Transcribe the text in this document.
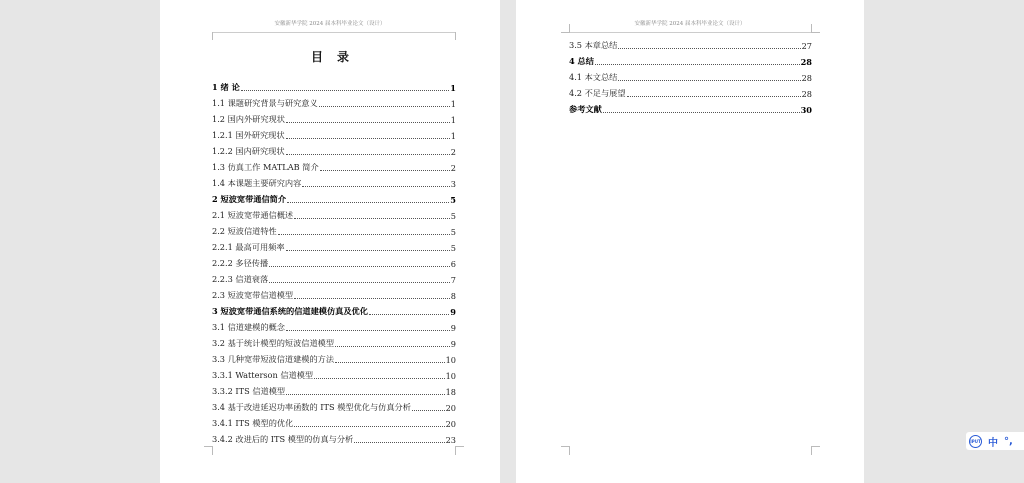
安徽新华学院 2024 届本科毕业论文（设计）
目录
1 绪 论	1
1.1 课题研究背景与研究意义	1
1.2 国内外研究现状	1
1.2.1 国外研究现状	1
1.2.2 国内研究现状	2
1.3 仿真工作 MATLAB 简介	2
1.4 本课题主要研究内容	3
2 短波宽带通信简介	5
2.1 短波宽带通信概述	5
2.2 短波信道特性	5
2.2.1 最高可用频率	5
2.2.2 多径传播	6
2.2.3 信道衰落	7
2.3 短波宽带信道模型	8
3 短波宽带通信系统的信道建模仿真及优化	9
3.1 信道建模的概念	9
3.2 基于统计模型的短波信道模型	9
3.3 几种宽带短波信道建模的方法	10
3.3.1 Watterson 信道模型	10
3.3.2 ITS 信道模型	18
3.4 基于改进延迟功率函数的 ITS 模型优化与仿真分析	20
3.4.1 ITS 模型的优化	20
3.4.2 改进后的 ITS 模型的仿真与分析	23
安徽新华学院 2024 届本科毕业论文（设计）
3.5 本章总结	27
4 总结	28
4.1 本文总结	28
4.2 不足与展望	28
参考文献	30
IPUT 中 °,
